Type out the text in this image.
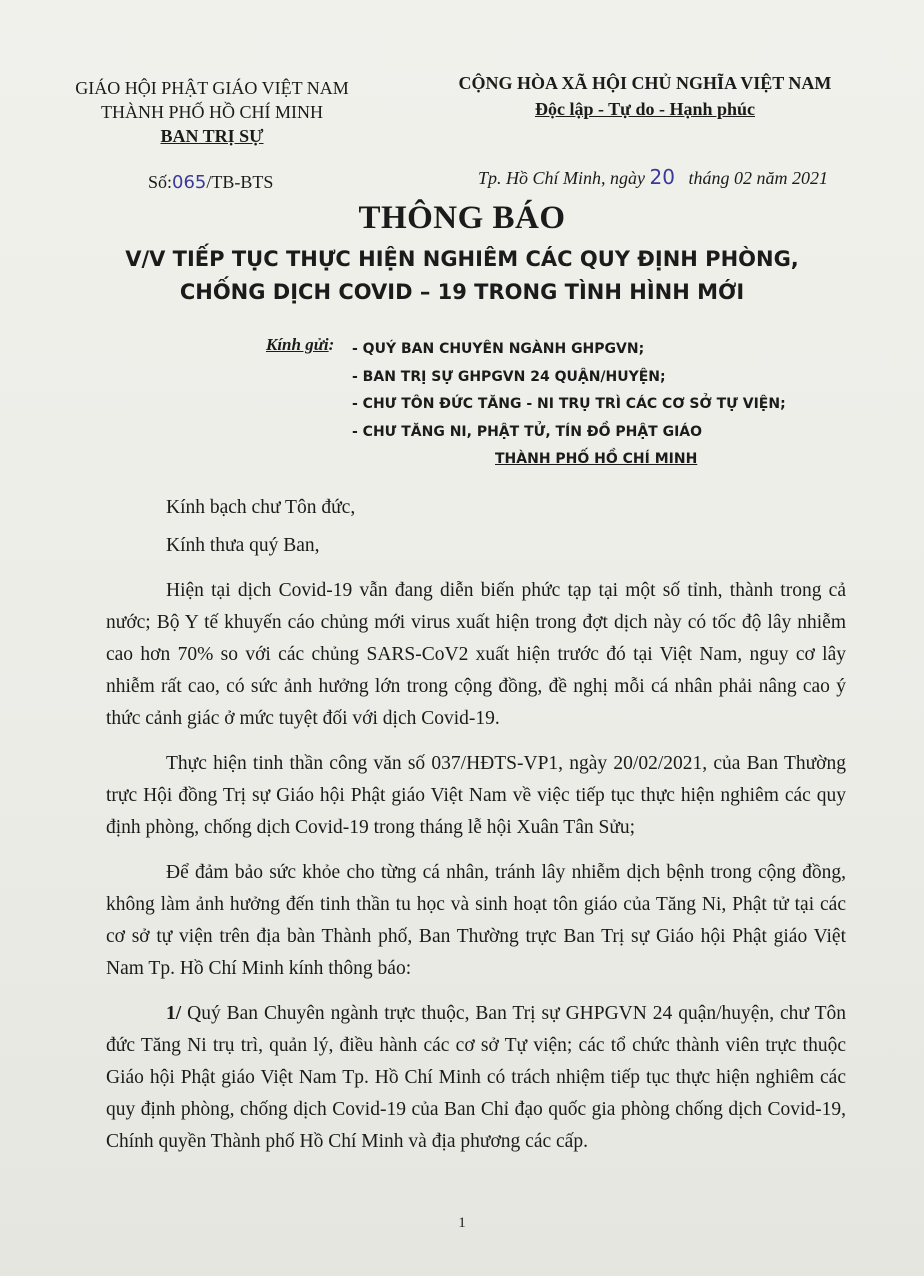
GIÁO HỘI PHẬT GIÁO VIỆT NAM
THÀNH PHỐ HỒ CHÍ MINH
BAN TRỊ SỰ
CỘNG HÒA XÃ HỘI CHỦ NGHĨA VIỆT NAM
Độc lập - Tự do - Hạnh phúc
Số:065/TB-BTS	Tp. Hồ Chí Minh, ngày 20 tháng 02 năm 2021
THÔNG BÁO
V/V TIẾP TỤC THỰC HIỆN NGHIÊM CÁC QUY ĐỊNH PHÒNG,
CHỐNG DỊCH COVID – 19 TRONG TÌNH HÌNH MỚI
Kính gửi: - QUÝ BAN CHUYÊN NGÀNH GHPGVN;
- BAN TRỊ SỰ GHPGVN 24 QUẬN/HUYỆN;
- CHƯ TÔN ĐỨC TĂNG - NI TRỤ TRÌ CÁC CƠ SỞ TỰ VIỆN;
- CHƯ TĂNG NI, PHẬT TỬ, TÍN ĐỒ PHẬT GIÁO
THÀNH PHỐ HỒ CHÍ MINH

Kính bạch chư Tôn đức,

Kính thưa quý Ban,

Hiện tại dịch Covid-19 vẫn đang diễn biến phức tạp tại một số tỉnh, thành trong cả nước; Bộ Y tế khuyến cáo chủng mới virus xuất hiện trong đợt dịch này có tốc độ lây nhiễm cao hơn 70% so với các chủng SARS-CoV2 xuất hiện trước đó tại Việt Nam, nguy cơ lây nhiễm rất cao, có sức ảnh hưởng lớn trong cộng đồng, đề nghị mỗi cá nhân phải nâng cao ý thức cảnh giác ở mức tuyệt đối với dịch Covid-19.

Thực hiện tinh thần công văn số 037/HĐTS-VP1, ngày 20/02/2021, của Ban Thường trực Hội đồng Trị sự Giáo hội Phật giáo Việt Nam về việc tiếp tục thực hiện nghiêm các quy định phòng, chống dịch Covid-19 trong tháng lễ hội Xuân Tân Sửu;

Để đảm bảo sức khỏe cho từng cá nhân, tránh lây nhiễm dịch bệnh trong cộng đồng, không làm ảnh hưởng đến tinh thần tu học và sinh hoạt tôn giáo của Tăng Ni, Phật tử tại các cơ sở tự viện trên địa bàn Thành phố, Ban Thường trực Ban Trị sự Giáo hội Phật giáo Việt Nam Tp. Hồ Chí Minh kính thông báo:

1/ Quý Ban Chuyên ngành trực thuộc, Ban Trị sự GHPGVN 24 quận/huyện, chư Tôn đức Tăng Ni trụ trì, quản lý, điều hành các cơ sở Tự viện; các tổ chức thành viên trực thuộc Giáo hội Phật giáo Việt Nam Tp. Hồ Chí Minh có trách nhiệm tiếp tục thực hiện nghiêm các quy định phòng, chống dịch Covid-19 của Ban Chỉ đạo quốc gia phòng chống dịch Covid-19, Chính quyền Thành phố Hồ Chí Minh và địa phương các cấp.

1
